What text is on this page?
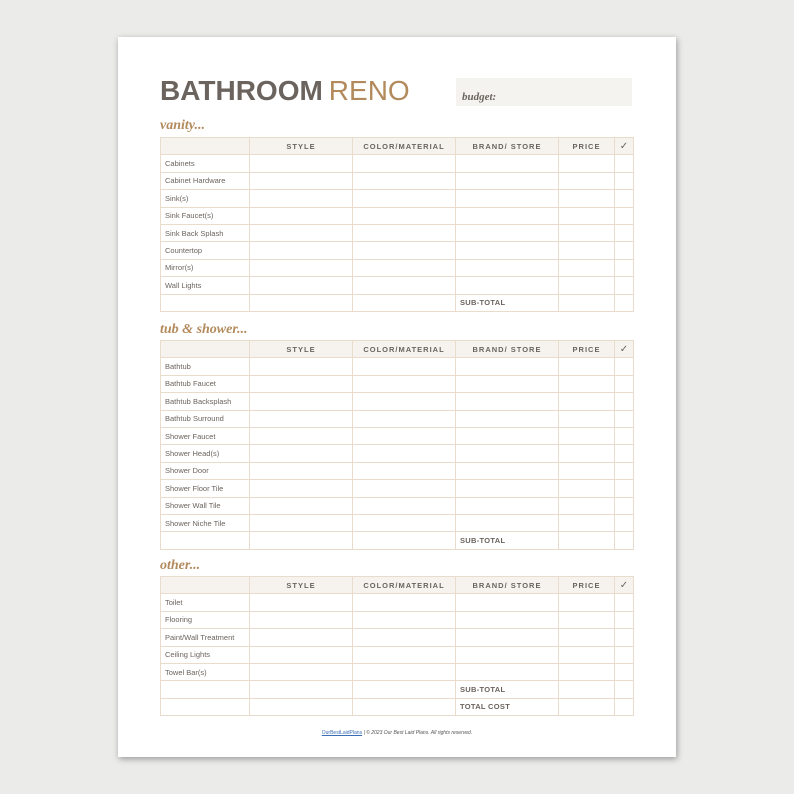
BATHROOM RENO	budget:
vanity...
	STYLE	COLOR/MATERIAL	BRAND/ STORE	PRICE	✓
Cabinets					
Cabinet Hardware					
Sink(s)					
Sink Faucet(s)					
Sink Back Splash					
Countertop					
Mirror(s)					
Wall Lights					
			SUB-TOTAL		
tub & shower...
	STYLE	COLOR/MATERIAL	BRAND/ STORE	PRICE	✓
Bathtub					
Bathtub Faucet					
Bathtub Backsplash					
Bathtub Surround					
Shower Faucet					
Shower Head(s)					
Shower Door					
Shower Floor Tile					
Shower Wall Tile					
Shower Niche Tile					
			SUB-TOTAL		
other...
	STYLE	COLOR/MATERIAL	BRAND/ STORE	PRICE	✓
Toilet					
Flooring					
Paint/Wall Treatment					
Ceiling Lights					
Towel Bar(s)					
			SUB-TOTAL		
			TOTAL COST		
OurBestLaidPlans | © 2023 Our Best Laid Plans. All rights reserved.
